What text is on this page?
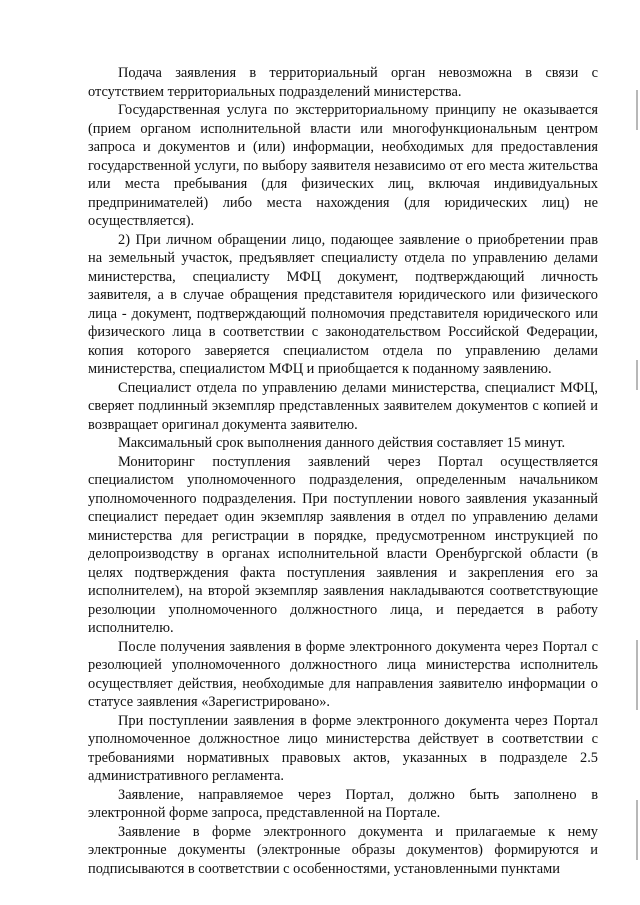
Подача заявления в территориальный орган невозможна в связи с отсутствием территориальных подразделений министерства.

Государственная услуга по экстерриториальному принципу не оказывается (прием органом исполнительной власти или многофункциональным центром запроса и документов и (или) информации, необходимых для предоставления государственной услуги, по выбору заявителя независимо от его места жительства или места пребывания (для физических лиц, включая индивидуальных предпринимателей) либо места нахождения (для юридических лиц) не осуществляется).

2) При личном обращении лицо, подающее заявление о приобретении прав на земельный участок, предъявляет специалисту отдела по управлению делами министерства, специалисту МФЦ документ, подтверждающий личность заявителя, а в случае обращения представителя юридического или физического лица - документ, подтверждающий полномочия представителя юридического или физического лица в соответствии с законодательством Российской Федерации, копия которого заверяется специалистом отдела по управлению делами министерства, специалистом МФЦ и приобщается к поданному заявлению.

Специалист отдела по управлению делами министерства, специалист МФЦ, сверяет подлинный экземпляр представленных заявителем документов с копией и возвращает оригинал документа заявителю.

Максимальный срок выполнения данного действия составляет 15 минут.

Мониторинг поступления заявлений через Портал осуществляется специалистом уполномоченного подразделения, определенным начальником уполномоченного подразделения. При поступлении нового заявления указанный специалист передает один экземпляр заявления в отдел по управлению делами министерства для регистрации в порядке, предусмотренном инструкцией по делопроизводству в органах исполнительной власти Оренбургской области (в целях подтверждения факта поступления заявления и закрепления его за исполнителем), на второй экземпляр заявления накладываются соответствующие резолюции уполномоченного должностного лица, и передается в работу исполнителю.

После получения заявления в форме электронного документа через Портал с резолюцией уполномоченного должностного лица министерства исполнитель осуществляет действия, необходимые для направления заявителю информации о статусе заявления «Зарегистрировано».

При поступлении заявления в форме электронного документа через Портал уполномоченное должностное лицо министерства действует в соответствии с требованиями нормативных правовых актов, указанных в подразделе 2.5 административного регламента.

Заявление, направляемое через Портал, должно быть заполнено в электронной форме запроса, представленной на Портале.

Заявление в форме электронного документа и прилагаемые к нему электронные документы (электронные образы документов) формируются и подписываются в соответствии с особенностями, установленными пунктами
